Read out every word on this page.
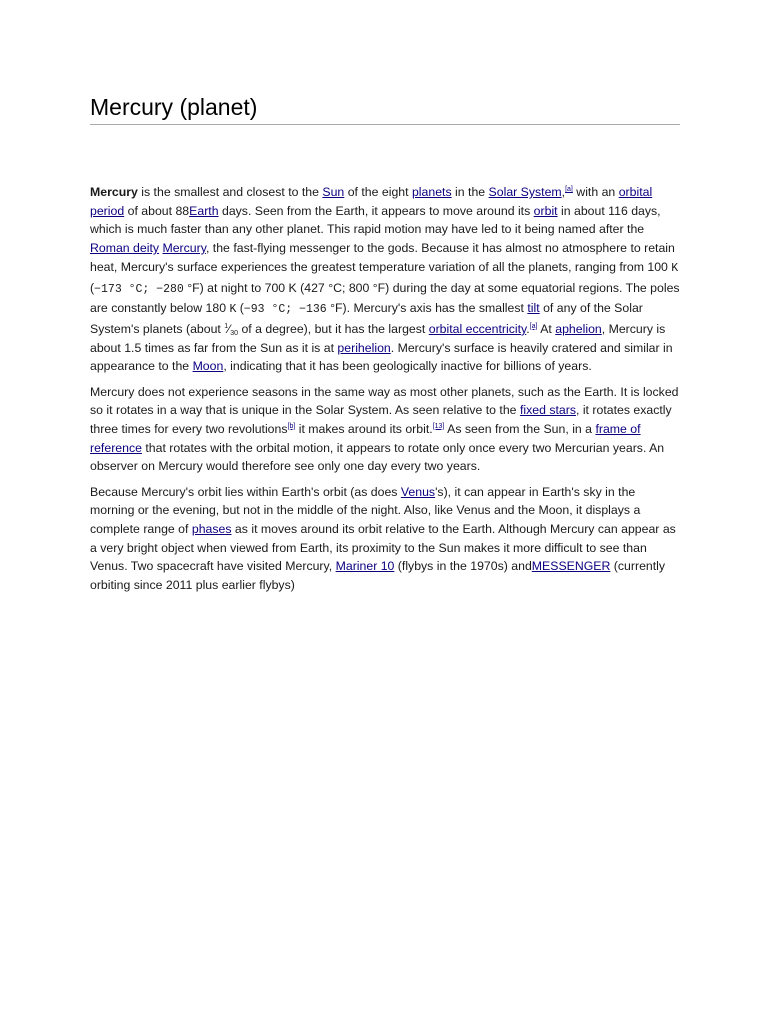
Mercury (planet)

Mercury is the smallest and closest to the Sun of the eight planets in the Solar System,[a] with an orbital period of about 88Earth days. Seen from the Earth, it appears to move around its orbit in about 116 days, which is much faster than any other planet. This rapid motion may have led to it being named after the Roman deity Mercury, the fast-flying messenger to the gods. Because it has almost no atmosphere to retain heat, Mercury's surface experiences the greatest temperature variation of all the planets, ranging from 100 K (−173 °C; −280 °F) at night to 700 K (427 °C; 800 °F) during the day at some equatorial regions. The poles are constantly below 180 K (−93 °C; −136 °F). Mercury's axis has the smallest tilt of any of the Solar System's planets (about $^1⁄_{30}$ of a degree), but it has the largest orbital eccentricity.[a] At aphelion, Mercury is about 1.5 times as far from the Sun as it is at perihelion. Mercury's surface is heavily cratered and similar in appearance to the Moon, indicating that it has been geologically inactive for billions of years.

Mercury does not experience seasons in the same way as most other planets, such as the Earth. It is locked so it rotates in a way that is unique in the Solar System. As seen relative to the fixed stars, it rotates exactly three times for every two revolutions[b] it makes around its orbit.[13] As seen from the Sun, in a frame of reference that rotates with the orbital motion, it appears to rotate only once every two Mercurian years. An observer on Mercury would therefore see only one day every two years.

Because Mercury's orbit lies within Earth's orbit (as does Venus's), it can appear in Earth's sky in the morning or the evening, but not in the middle of the night. Also, like Venus and the Moon, it displays a complete range of phases as it moves around its orbit relative to the Earth. Although Mercury can appear as a very bright object when viewed from Earth, its proximity to the Sun makes it more difficult to see than Venus. Two spacecraft have visited Mercury, Mariner 10 (flybys in the 1970s) andMESSENGER (currently orbiting since 2011 plus earlier flybys)
